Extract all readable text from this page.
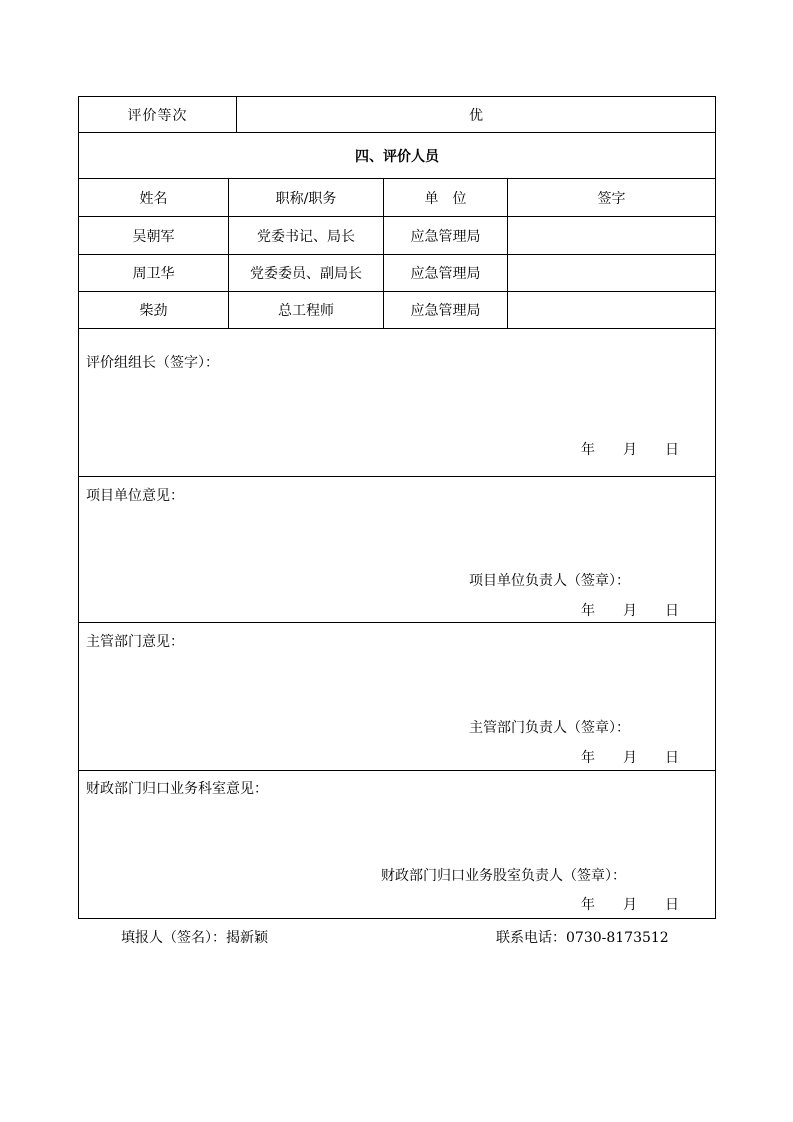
评价等次	优
四、评价人员
姓名	职称/职务	单　位	签字
吴朝军	党委书记、局长	应急管理局
周卫华	党委委员、副局长	应急管理局
柴劲	总工程师	应急管理局
评价组组长（签字）：
年　　月　　日
项目单位意见：
项目单位负责人（签章）：
年　　月　　日
主管部门意见：
主管部门负责人（签章）：
年　　月　　日
财政部门归口业务科室意见：
财政部门归口业务股室负责人（签章）：
年　　月　　日
填报人（签名）：揭新颖	联系电话：0730-8173512
